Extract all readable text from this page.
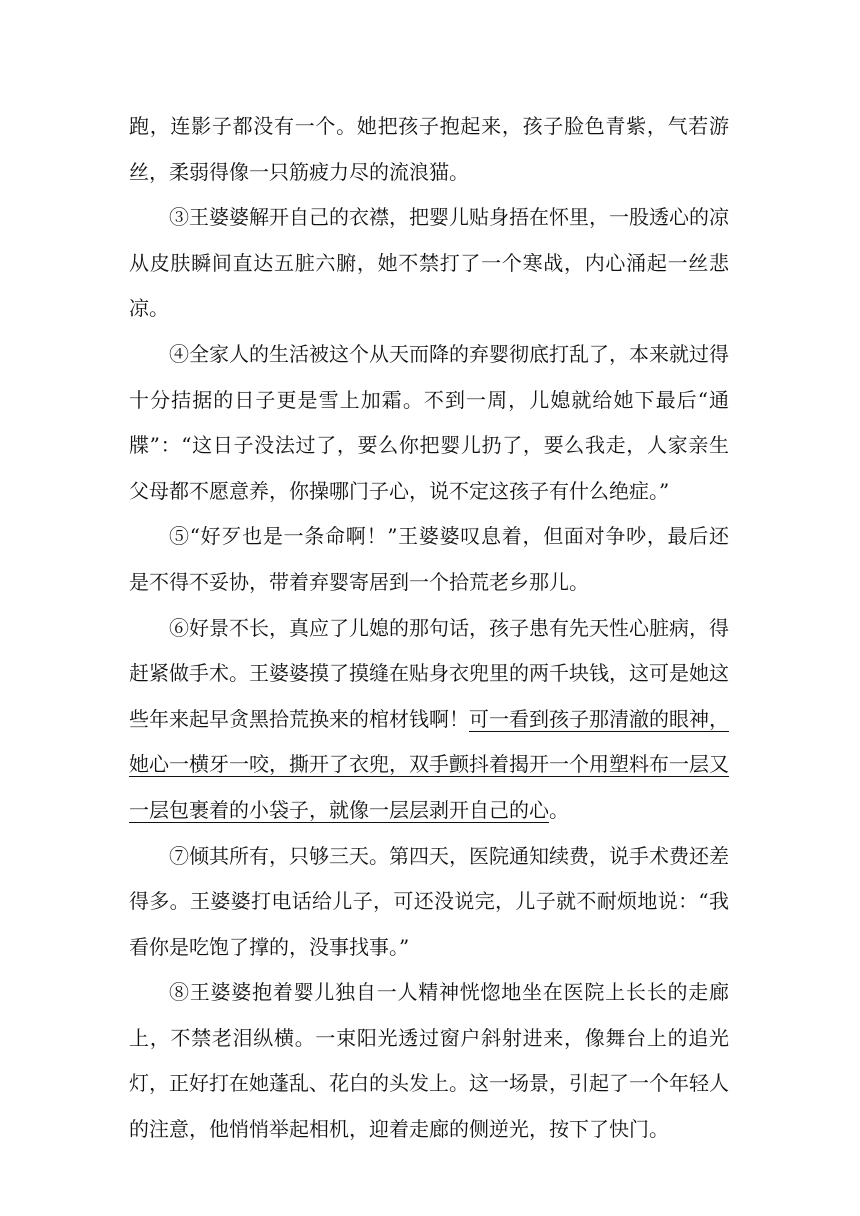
跑，连影子都没有一个。她把孩子抱起来，孩子脸色青紫，气若游丝，柔弱得像一只筋疲力尽的流浪猫。

③王婆婆解开自己的衣襟，把婴儿贴身捂在怀里，一股透心的凉从皮肤瞬间直达五脏六腑，她不禁打了一个寒战，内心涌起一丝悲凉。

④全家人的生活被这个从天而降的弃婴彻底打乱了，本来就过得十分拮据的日子更是雪上加霜。不到一周，儿媳就给她下最后“通牒”：“这日子没法过了，要么你把婴儿扔了，要么我走，人家亲生父母都不愿意养，你操哪门子心，说不定这孩子有什么绝症。”

⑤“好歹也是一条命啊！”王婆婆叹息着，但面对争吵，最后还是不得不妥协，带着弃婴寄居到一个拾荒老乡那儿。

⑥好景不长，真应了儿媳的那句话，孩子患有先天性心脏病，得赶紧做手术。王婆婆摸了摸缝在贴身衣兜里的两千块钱，这可是她这些年来起早贪黑拾荒换来的棺材钱啊！可一看到孩子那清澈的眼神，她心一横牙一咬，撕开了衣兜，双手颤抖着揭开一个用塑料布一层又一层包裹着的小袋子，就像一层层剥开自己的心。

⑦倾其所有，只够三天。第四天，医院通知续费，说手术费还差得多。王婆婆打电话给儿子，可还没说完，儿子就不耐烦地说：“我看你是吃饱了撑的，没事找事。”

⑧王婆婆抱着婴儿独自一人精神恍惚地坐在医院上长长的走廊上，不禁老泪纵横。一束阳光透过窗户斜射进来，像舞台上的追光灯，正好打在她蓬乱、花白的头发上。这一场景，引起了一个年轻人的注意，他悄悄举起相机，迎着走廊的侧逆光，按下了快门。
